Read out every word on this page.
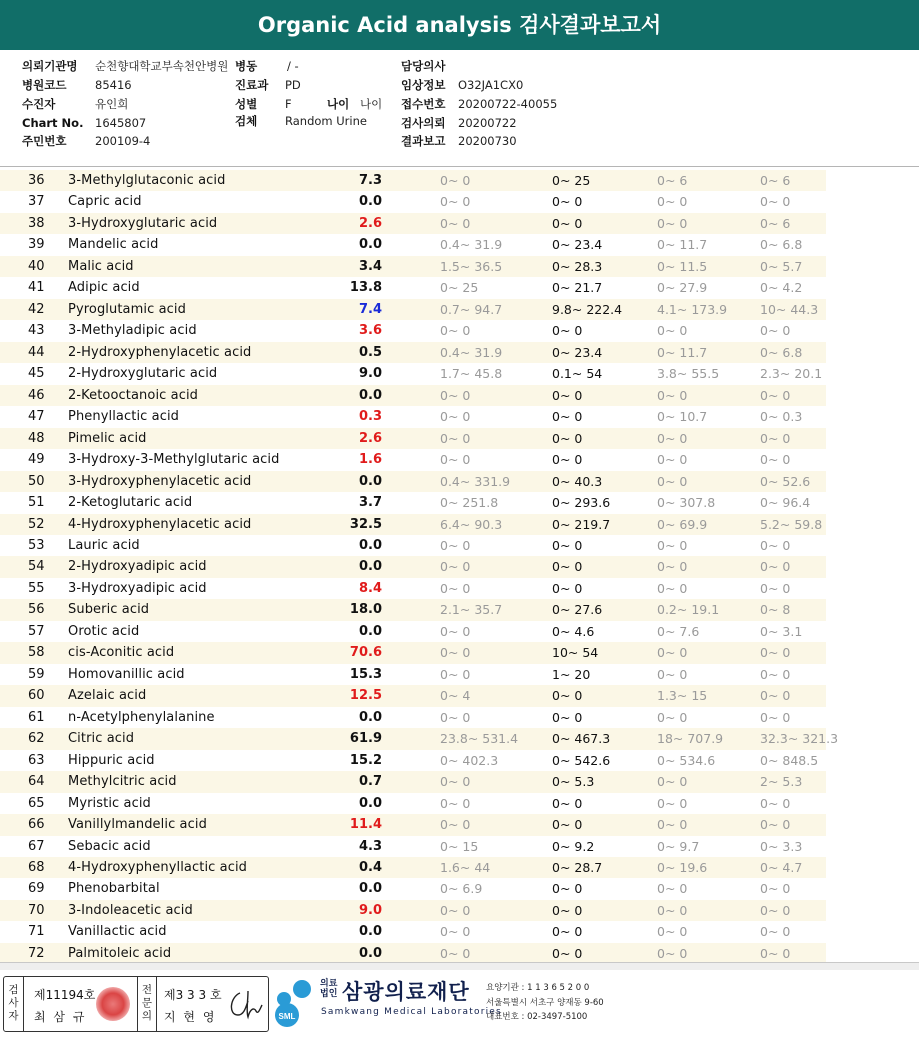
Organic Acid analysis 검사결과보고서
의뢰기관명 순천향대학교부속천안병원 병동	/ -	담당의사
병원코드 85416	진료과 PD	임상정보 O32JA1CX0
수진자	유인희	성별 F	나이 나이 접수번호 20200722-40055
Chart No. 1645807	검체 Random Urine	검사의뢰 20200722
주민번호 200109-4	결과보고 20200730
36 3-Methylglutaconic acid	7.3	0~ 0	0~ 25	0~ 6	0~ 6
37 Capric acid	0.0	0~ 0	0~ 0	0~ 0	0~ 0
38 3-Hydroxyglutaric acid	2.6	0~ 0	0~ 0	0~ 0	0~ 6
39 Mandelic acid	0.0	0.4~ 31.9	0~ 23.4	0~ 11.7	0~ 6.8
40 Malic acid	3.4	1.5~ 36.5	0~ 28.3	0~ 11.5	0~ 5.7
41 Adipic acid	13.8	0~ 25	0~ 21.7	0~ 27.9	0~ 4.2
42 Pyroglutamic acid	7.4	0.7~ 94.7	9.8~ 222.4	4.1~ 173.9	10~ 44.3
43 3-Methyladipic acid	3.6	0~ 0	0~ 0	0~ 0	0~ 0
44 2-Hydroxyphenylacetic acid	0.5	0.4~ 31.9	0~ 23.4	0~ 11.7	0~ 6.8
45 2-Hydroxyglutaric acid	9.0	1.7~ 45.8	0.1~ 54	3.8~ 55.5	2.3~ 20.1
46 2-Ketooctanoic acid	0.0	0~ 0	0~ 0	0~ 0	0~ 0
47 Phenyllactic acid	0.3	0~ 0	0~ 0	0~ 10.7	0~ 0.3
48 Pimelic acid	2.6	0~ 0	0~ 0	0~ 0	0~ 0
49 3-Hydroxy-3-Methylglutaric acid	1.6	0~ 0	0~ 0	0~ 0	0~ 0
50 3-Hydroxyphenylacetic acid	0.0	0.4~ 331.9	0~ 40.3	0~ 0	0~ 52.6
51 2-Ketoglutaric acid	3.7	0~ 251.8	0~ 293.6	0~ 307.8	0~ 96.4
52 4-Hydroxyphenylacetic acid	32.5	6.4~ 90.3	0~ 219.7	0~ 69.9	5.2~ 59.8
53 Lauric acid	0.0	0~ 0	0~ 0	0~ 0	0~ 0
54 2-Hydroxyadipic acid	0.0	0~ 0	0~ 0	0~ 0	0~ 0
55 3-Hydroxyadipic acid	8.4	0~ 0	0~ 0	0~ 0	0~ 0
56 Suberic acid	18.0	2.1~ 35.7	0~ 27.6	0.2~ 19.1	0~ 8
57 Orotic acid	0.0	0~ 0	0~ 4.6	0~ 7.6	0~ 3.1
58 cis-Aconitic acid	70.6	0~ 0	10~ 54	0~ 0	0~ 0
59 Homovanillic acid	15.3	0~ 0	1~ 20	0~ 0	0~ 0
60 Azelaic acid	12.5	0~ 4	0~ 0	1.3~ 15	0~ 0
61 n-Acetylphenylalanine	0.0	0~ 0	0~ 0	0~ 0	0~ 0
62 Citric acid	61.9	23.8~ 531.4	0~ 467.3	18~ 707.9	32.3~ 321.3
63 Hippuric acid	15.2	0~ 402.3	0~ 542.6	0~ 534.6	0~ 848.5
64 Methylcitric acid	0.7	0~ 0	0~ 5.3	0~ 0	2~ 5.3
65 Myristic acid	0.0	0~ 0	0~ 0	0~ 0	0~ 0
66 Vanillylmandelic acid	11.4	0~ 0	0~ 0	0~ 0	0~ 0
67 Sebacic acid	4.3	0~ 15	0~ 9.2	0~ 9.7	0~ 3.3
68 4-Hydroxyphenyllactic acid	0.4	1.6~ 44	0~ 28.7	0~ 19.6	0~ 4.7
69 Phenobarbital	0.0	0~ 6.9	0~ 0	0~ 0	0~ 0
70 3-Indoleacetic acid	9.0	0~ 0	0~ 0	0~ 0	0~ 0
71 Vanillactic acid	0.0	0~ 0	0~ 0	0~ 0	0~ 0
72 Palmitoleic acid	0.0	0~ 0	0~ 0	0~ 0	0~ 0
검사자
제11194호
최 삼 규
전문의
제3 3 3 호
지 현 영	SML
의료
법인 삼광의료재단
Samkwang Medical Laboratories
요양기관 : 1 1 3 6 5 2 0 0
서울특별시 서초구 양재동 9-60
대표번호 : 02-3497-5100
